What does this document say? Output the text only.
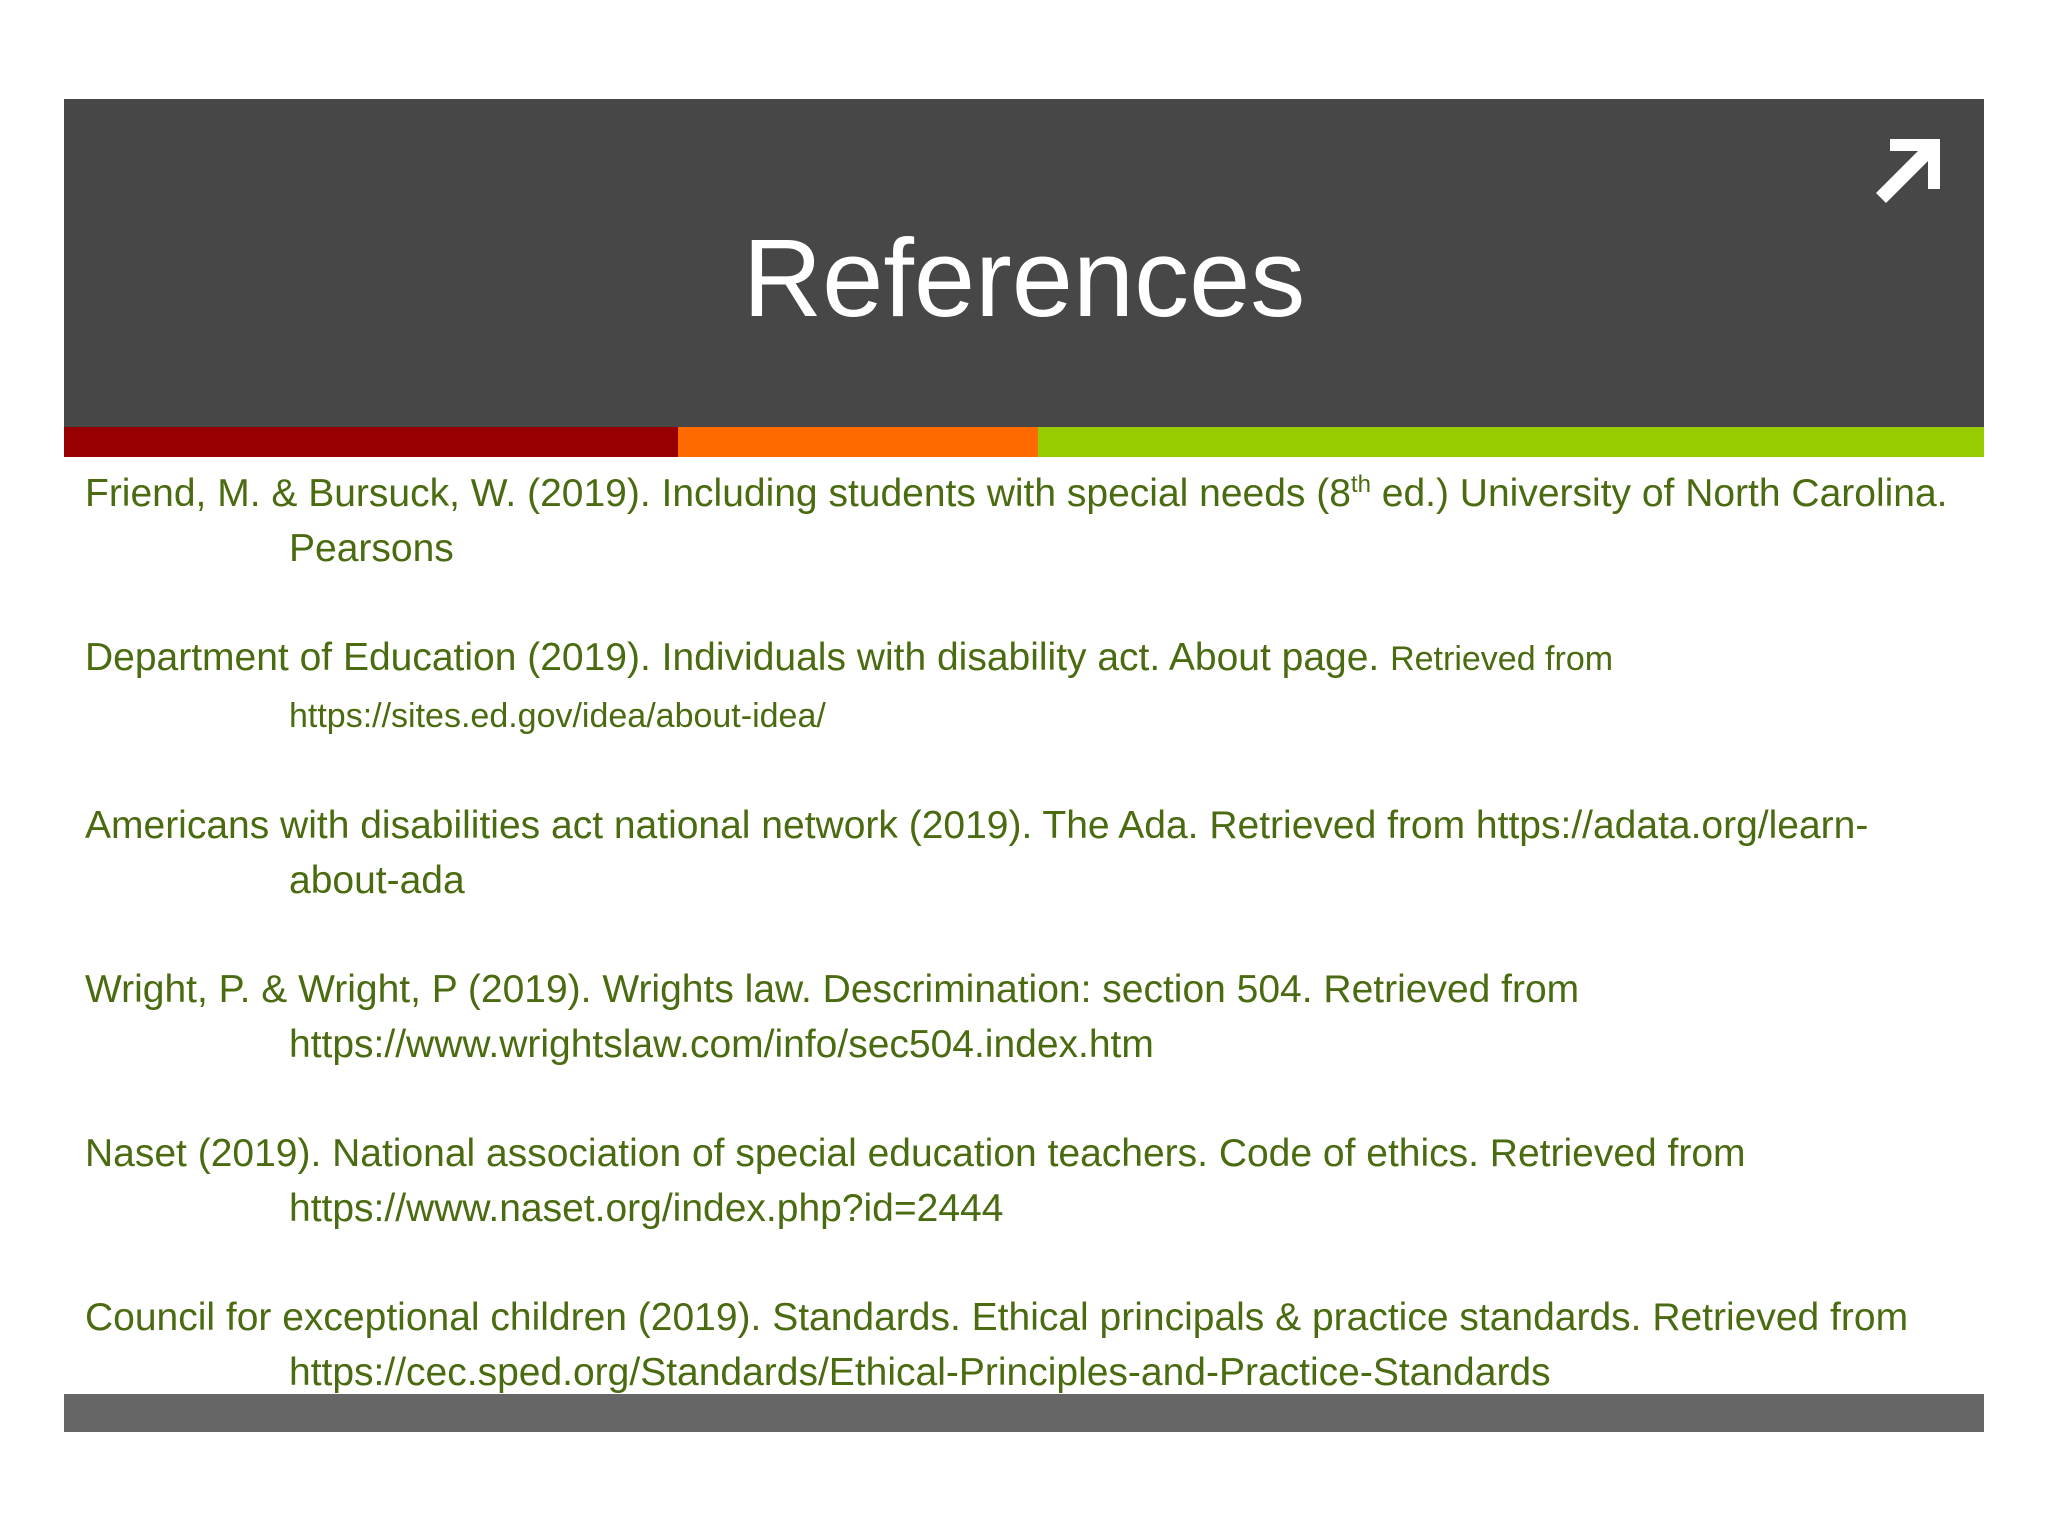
References

Friend, M. & Bursuck, W. (2019). Including students with special needs (8th ed.) University of North Carolina. Pearsons

Department of Education (2019). Individuals with disability act. About page. Retrieved from https://sites.ed.gov/idea/about-idea/

Americans with disabilities act national network (2019). The Ada. Retrieved from https://adata.org/learn-about-ada

Wright, P. & Wright, P (2019). Wrights law. Descrimination: section 504. Retrieved from https://www.wrightslaw.com/info/sec504.index.htm

Naset (2019). National association of special education teachers. Code of ethics. Retrieved from https://www.naset.org/index.php?id=2444

Council for exceptional children (2019). Standards. Ethical principals & practice standards. Retrieved from https://cec.sped.org/Standards/Ethical-Principles-and-Practice-Standards
